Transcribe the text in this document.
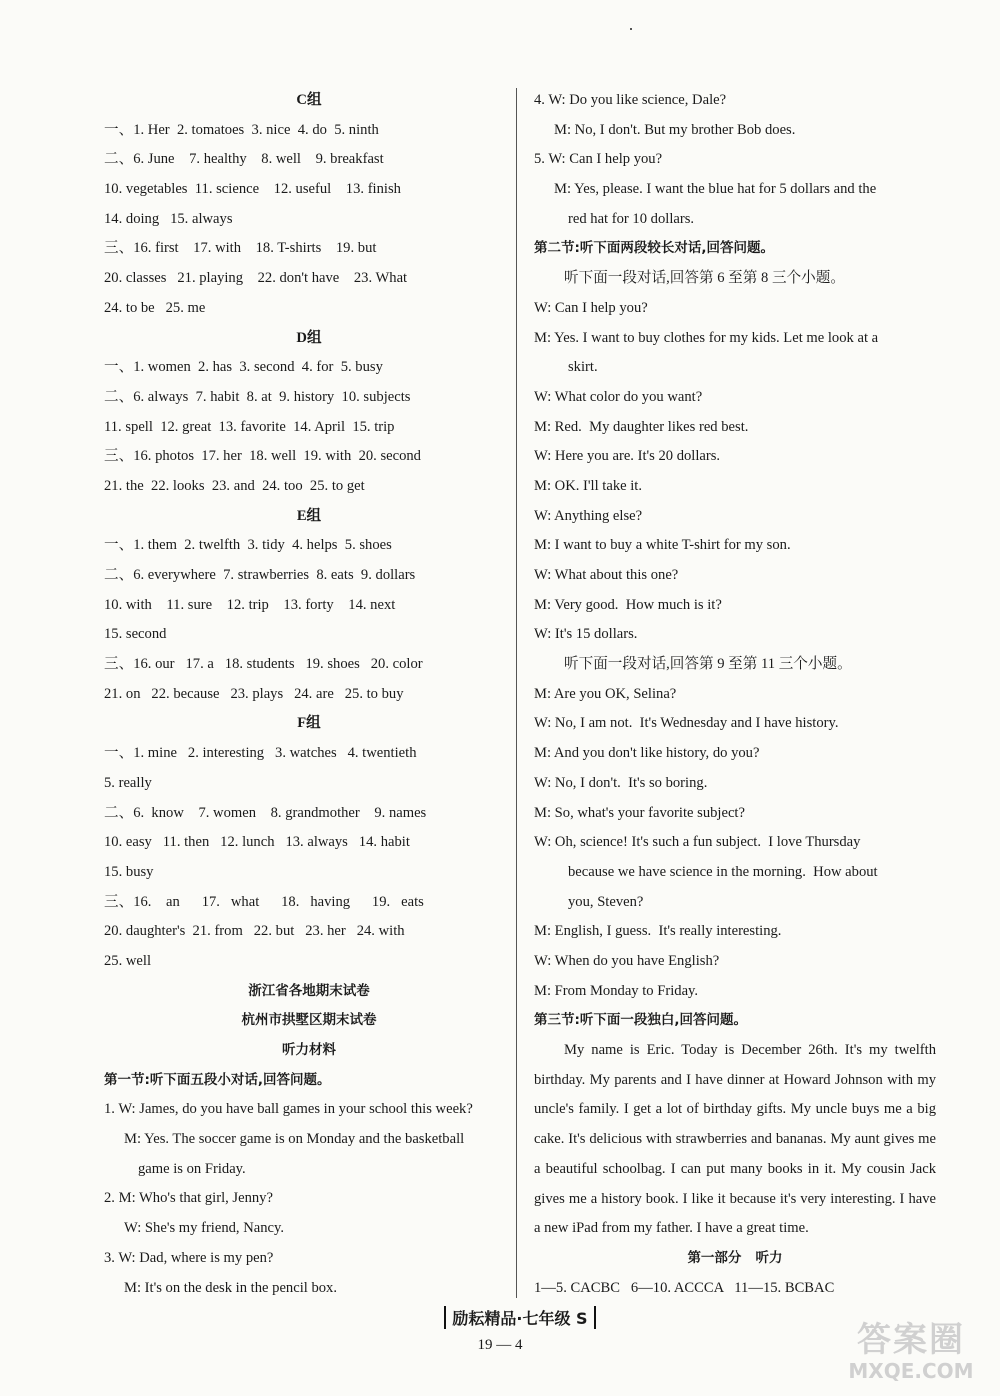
C组
一、1. Her  2. tomatoes  3. nice  4. do  5. ninth
二、6. June    7. healthy    8. well    9. breakfast
10. vegetables  11. science    12. useful    13. finish
14. doing   15. always
三、16. first    17. with    18. T-shirts    19. but
20. classes   21. playing    22. don't have    23. What
24. to be   25. me
D组
一、1. women  2. has  3. second  4. for  5. busy
二、6. always  7. habit  8. at  9. history  10. subjects
11. spell  12. great  13. favorite  14. April  15. trip
三、16. photos  17. her  18. well  19. with  20. second
21. the  22. looks  23. and  24. too  25. to get
E组
一、1. them  2. twelfth  3. tidy  4. helps  5. shoes
二、6. everywhere  7. strawberries  8. eats  9. dollars
10. with    11. sure    12. trip    13. forty    14. next
15. second
三、16. our   17. a   18. students   19. shoes   20. color
21. on   22. because   23. plays   24. are   25. to buy
F组
一、1. mine   2. interesting   3. watches   4. twentieth
5. really
二、6.  know    7. women    8. grandmother    9. names
10. easy   11. then   12. lunch   13. always   14. habit
15. busy
三、16.    an      17.   what      18.   having      19.   eats
20. daughter's  21. from   22. but   23. her   24. with
25. well
浙江省各地期末试卷
杭州市拱墅区期末试卷
听力材料
第一节:听下面五段小对话,回答问题。
1. W: James, do you have ball games in your school this week?
M: Yes. The soccer game is on Monday and the basketball
game is on Friday.
2. M: Who's that girl, Jenny?
W: She's my friend, Nancy.
3. W: Dad, where is my pen?
M: It's on the desk in the pencil box.
4. W: Do you like science, Dale?
M: No, I don't. But my brother Bob does.
5. W: Can I help you?
M: Yes, please. I want the blue hat for 5 dollars and the
red hat for 10 dollars.
第二节:听下面两段较长对话,回答问题。
听下面一段对话,回答第 6 至第 8 三个小题。
W: Can I help you?
M: Yes. I want to buy clothes for my kids. Let me look at a
skirt.
W: What color do you want?
M: Red.  My daughter likes red best.
W: Here you are. It's 20 dollars.
M: OK. I'll take it.
W: Anything else?
M: I want to buy a white T-shirt for my son.
W: What about this one?
M: Very good.  How much is it?
W: It's 15 dollars.
听下面一段对话,回答第 9 至第 11 三个小题。
M: Are you OK, Selina?
W: No, I am not.  It's Wednesday and I have history.
M: And you don't like history, do you?
W: No, I don't.  It's so boring.
M: So, what's your favorite subject?
W: Oh, science! It's such a fun subject.  I love Thursday
because we have science in the morning.  How about
you, Steven?
M: English, I guess.  It's really interesting.
W: When do you have English?
M: From Monday to Friday.
第三节:听下面一段独白,回答问题。
My name is Eric. Today is December 26th. It's my twelfth birthday. My parents and I have dinner at Howard Johnson with my uncle's family. I get a lot of birthday gifts. My uncle buys me a big cake. It's delicious with strawberries and bananas. My aunt gives me a beautiful schoolbag. I can put many books in it. My cousin Jack gives me a history book. I like it because it's very interesting. I have a new iPad from my father. I have a great time.
第一部分   听力
1—5. CACBC   6—10. ACCCA   11—15. BCBAC
励耘精品·七年级 S
19 — 4	答案圈
MXQE.COM
